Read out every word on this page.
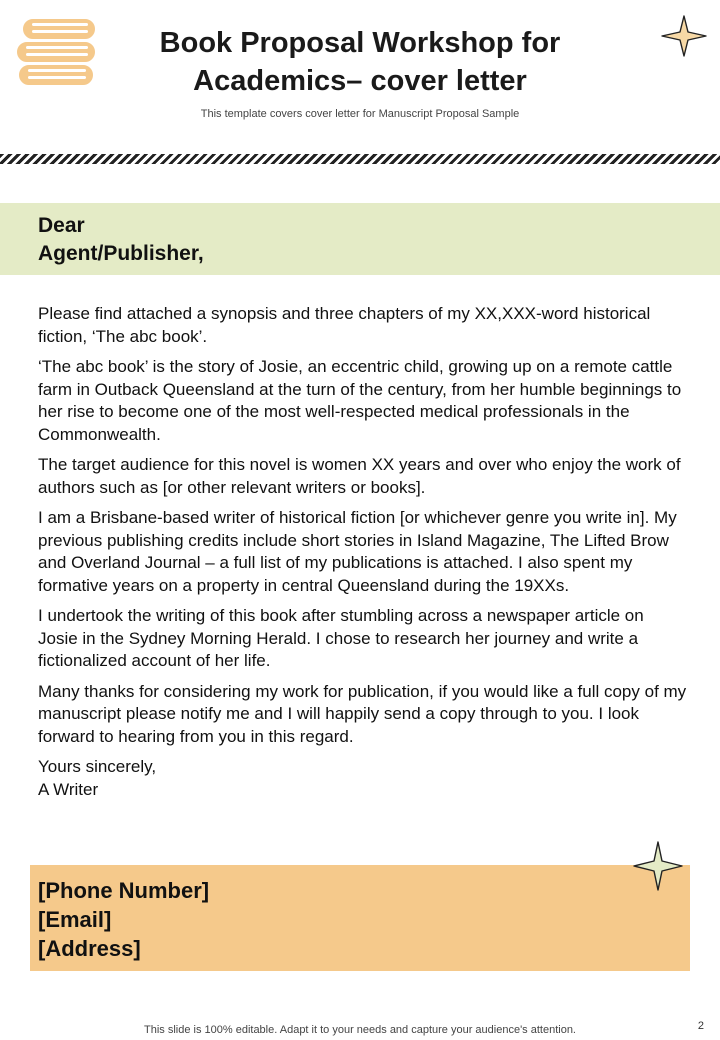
Book Proposal Workshop for Academics– cover letter

This template covers cover letter for Manuscript Proposal Sample

Dear
Agent/Publisher,

Please find attached a synopsis and three chapters of my XX,XXX-word historical fiction, ‘The abc book’.

‘The abc book’ is the story of Josie, an eccentric child, growing up on a remote cattle farm in Outback Queensland at the turn of the century, from her humble beginnings to her rise to become one of the most well-respected medical professionals in the Commonwealth.

The target audience for this novel is women XX years and over who enjoy the work of authors such as [or other relevant writers or books].

I am a Brisbane-based writer of historical fiction [or whichever genre you write in]. My previous publishing credits include short stories in Island Magazine, The Lifted Brow and Overland Journal – a full list of my publications is attached. I also spent my formative years on a property in central Queensland during the 19XXs.

I undertook the writing of this book after stumbling across a newspaper article on Josie in the Sydney Morning Herald. I chose to research her journey and write a fictionalized account of her life.

Many thanks for considering my work for publication, if you would like a full copy of my manuscript please notify me and I will happily send a copy through to you. I look forward to hearing from you in this regard.

Yours sincerely,

A Writer

[Phone Number]
[Email]
[Address]

This slide is 100% editable. Adapt it to your needs and capture your audience's attention.	2
